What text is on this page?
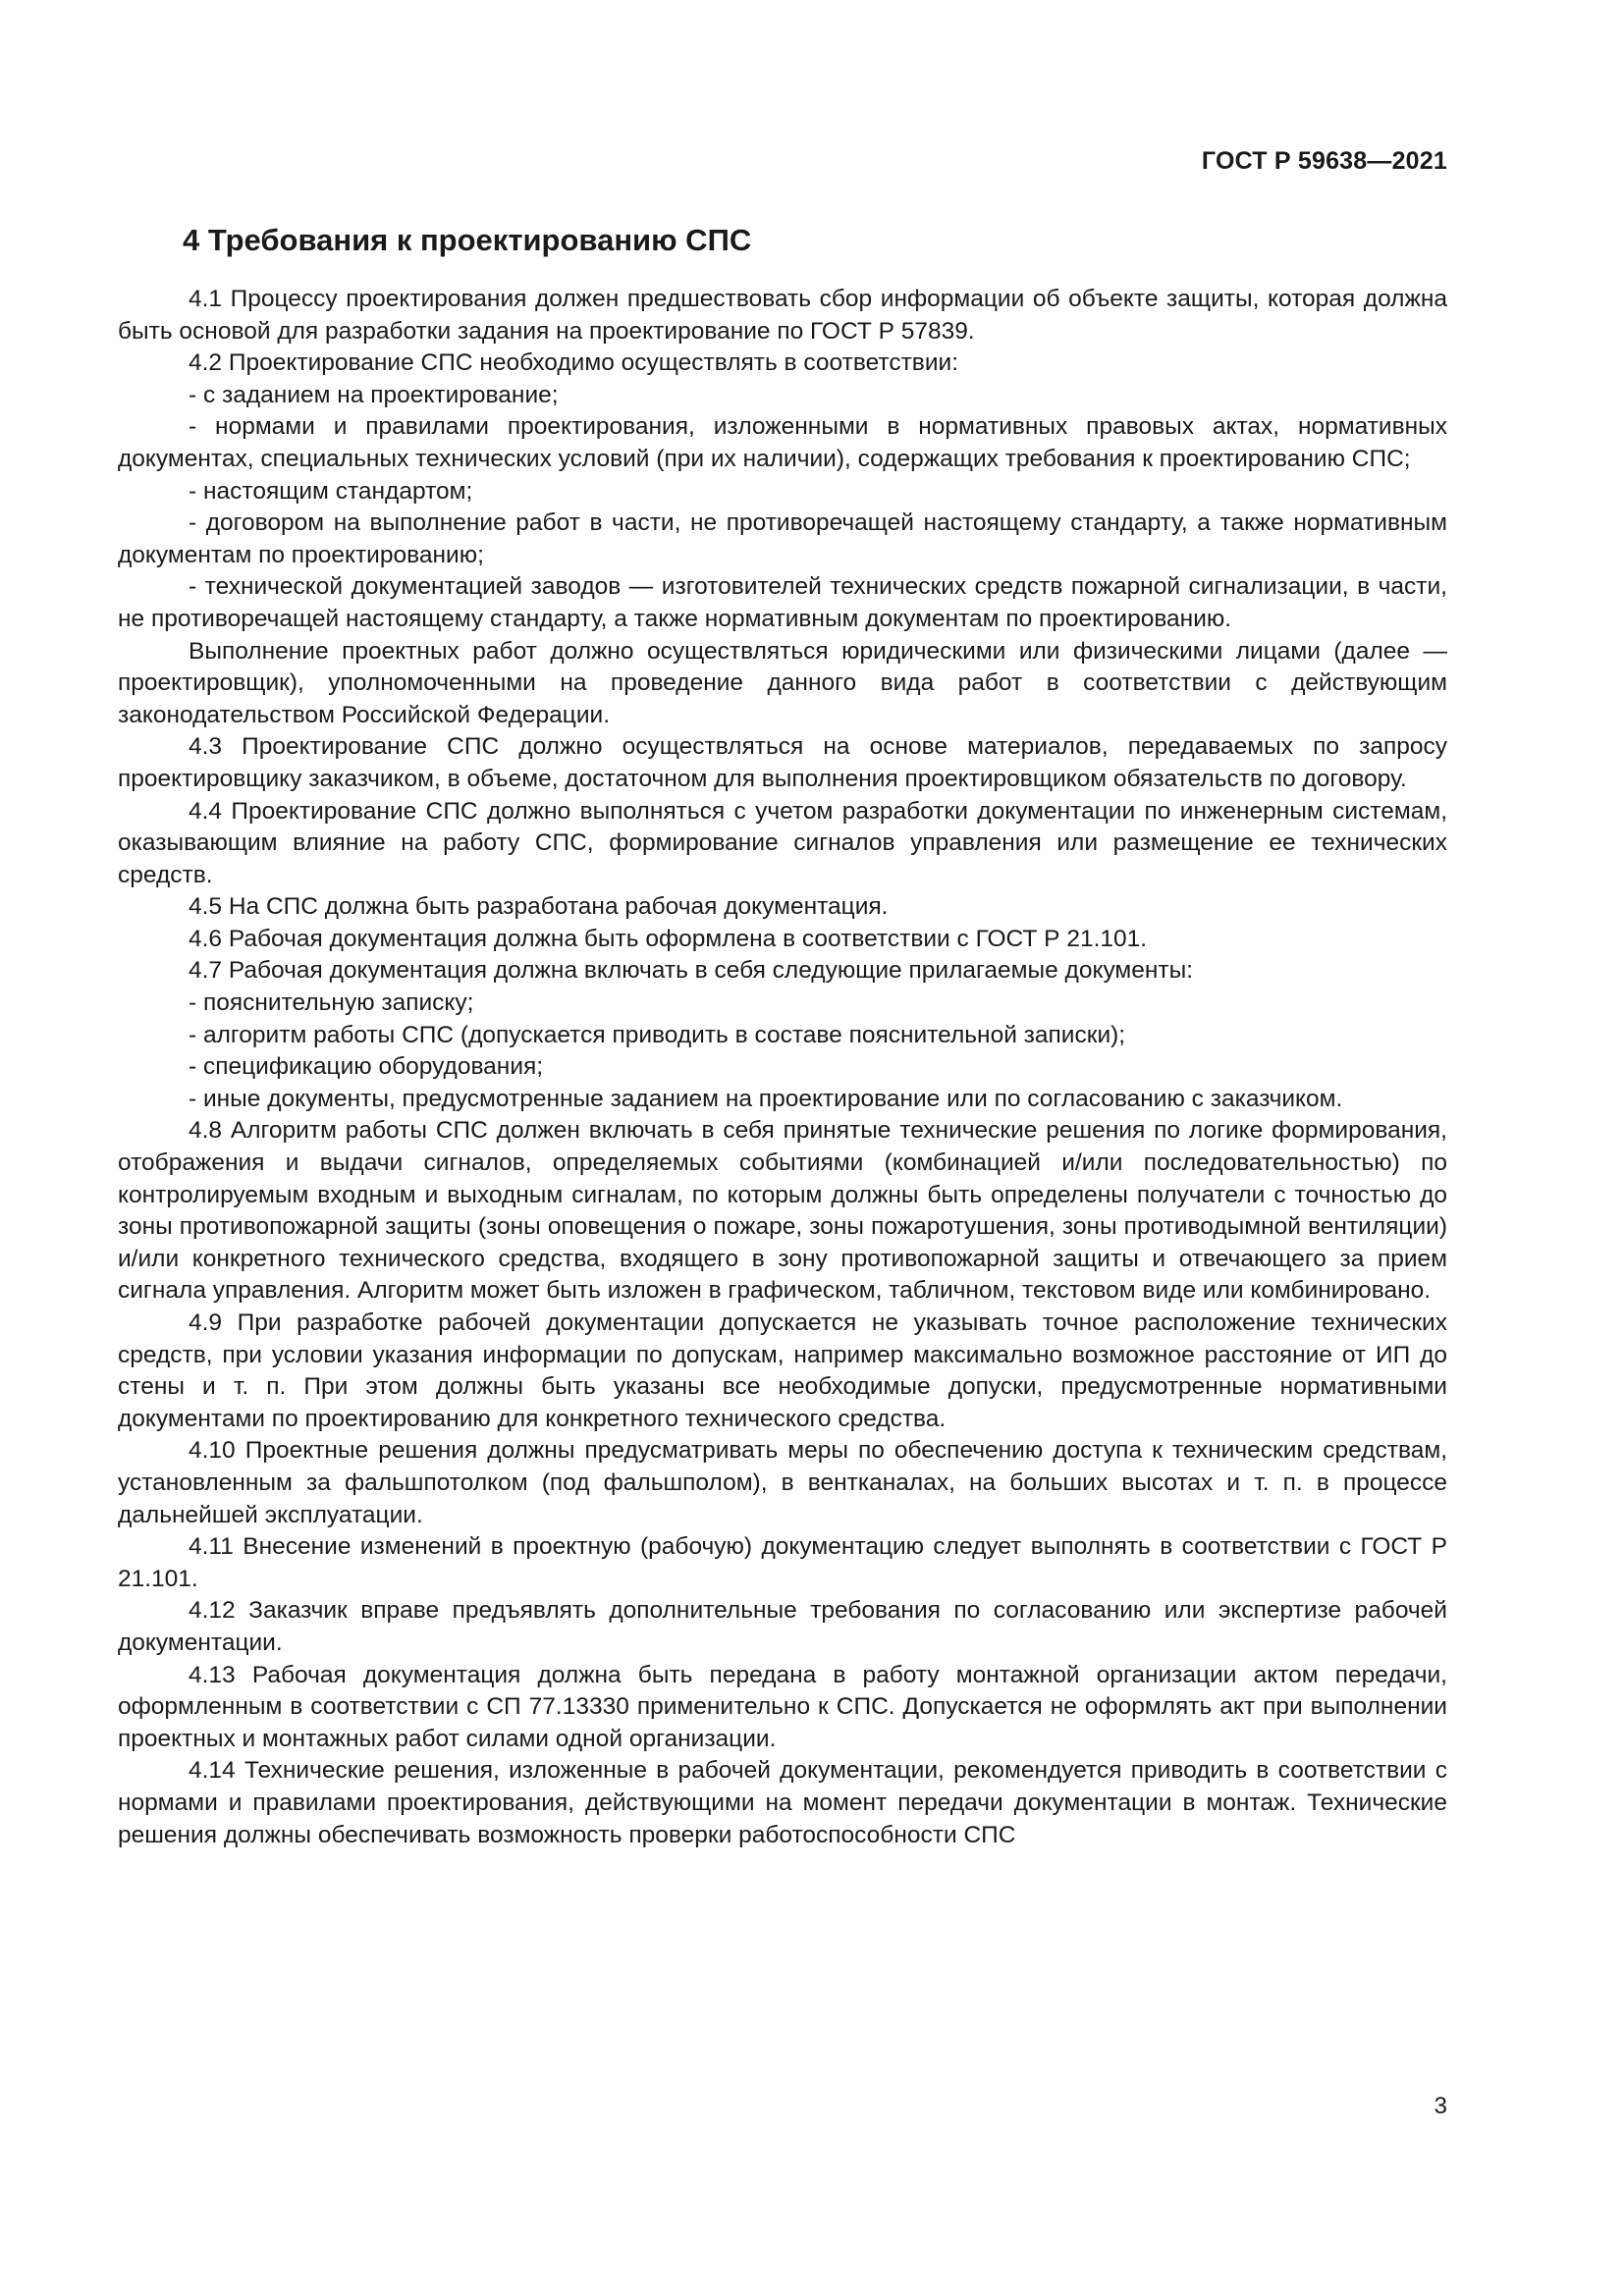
ГОСТ Р 59638—2021
4 Требования к проектированию СПС

4.1 Процессу проектирования должен предшествовать сбор информации об объекте защиты, которая должна быть основой для разработки задания на проектирование по ГОСТ Р 57839.

4.2 Проектирование СПС необходимо осуществлять в соответствии:

- с заданием на проектирование;

- нормами и правилами проектирования, изложенными в нормативных правовых актах, нормативных документах, специальных технических условий (при их наличии), содержащих требования к проектированию СПС;

- настоящим стандартом;

- договором на выполнение работ в части, не противоречащей настоящему стандарту, а также нормативным документам по проектированию;

- технической документацией заводов — изготовителей технических средств пожарной сигнализации, в части, не противоречащей настоящему стандарту, а также нормативным документам по проектированию.

Выполнение проектных работ должно осуществляться юридическими или физическими лицами (далее — проектировщик), уполномоченными на проведение данного вида работ в соответствии с действующим законодательством Российской Федерации.

4.3 Проектирование СПС должно осуществляться на основе материалов, передаваемых по запросу проектировщику заказчиком, в объеме, достаточном для выполнения проектировщиком обязательств по договору.

4.4 Проектирование СПС должно выполняться с учетом разработки документации по инженерным системам, оказывающим влияние на работу СПС, формирование сигналов управления или размещение ее технических средств.

4.5 На СПС должна быть разработана рабочая документация.

4.6 Рабочая документация должна быть оформлена в соответствии с ГОСТ Р 21.101.

4.7 Рабочая документация должна включать в себя следующие прилагаемые документы:

- пояснительную записку;

- алгоритм работы СПС (допускается приводить в составе пояснительной записки);

- спецификацию оборудования;

- иные документы, предусмотренные заданием на проектирование или по согласованию с заказчиком.

4.8 Алгоритм работы СПС должен включать в себя принятые технические решения по логике формирования, отображения и выдачи сигналов, определяемых событиями (комбинацией и/или последовательностью) по контролируемым входным и выходным сигналам, по которым должны быть определены получатели с точностью до зоны противопожарной защиты (зоны оповещения о пожаре, зоны пожаротушения, зоны противодымной вентиляции) и/или конкретного технического средства, входящего в зону противопожарной защиты и отвечающего за прием сигнала управления. Алгоритм может быть изложен в графическом, табличном, текстовом виде или комбинировано.

4.9 При разработке рабочей документации допускается не указывать точное расположение технических средств, при условии указания информации по допускам, например максимально возможное расстояние от ИП до стены и т. п. При этом должны быть указаны все необходимые допуски, предусмотренные нормативными документами по проектированию для конкретного технического средства.

4.10 Проектные решения должны предусматривать меры по обеспечению доступа к техническим средствам, установленным за фальшпотолком (под фальшполом), в вентканалах, на больших высотах и т. п. в процессе дальнейшей эксплуатации.

4.11 Внесение изменений в проектную (рабочую) документацию следует выполнять в соответствии с ГОСТ Р 21.101.

4.12 Заказчик вправе предъявлять дополнительные требования по согласованию или экспертизе рабочей документации.

4.13 Рабочая документация должна быть передана в работу монтажной организации актом передачи, оформленным в соответствии с СП 77.13330 применительно к СПС. Допускается не оформлять акт при выполнении проектных и монтажных работ силами одной организации.

4.14 Технические решения, изложенные в рабочей документации, рекомендуется приводить в соответствии с нормами и правилами проектирования, действующими на момент передачи документации в монтаж. Технические решения должны обеспечивать возможность проверки работоспособности СПС

3
